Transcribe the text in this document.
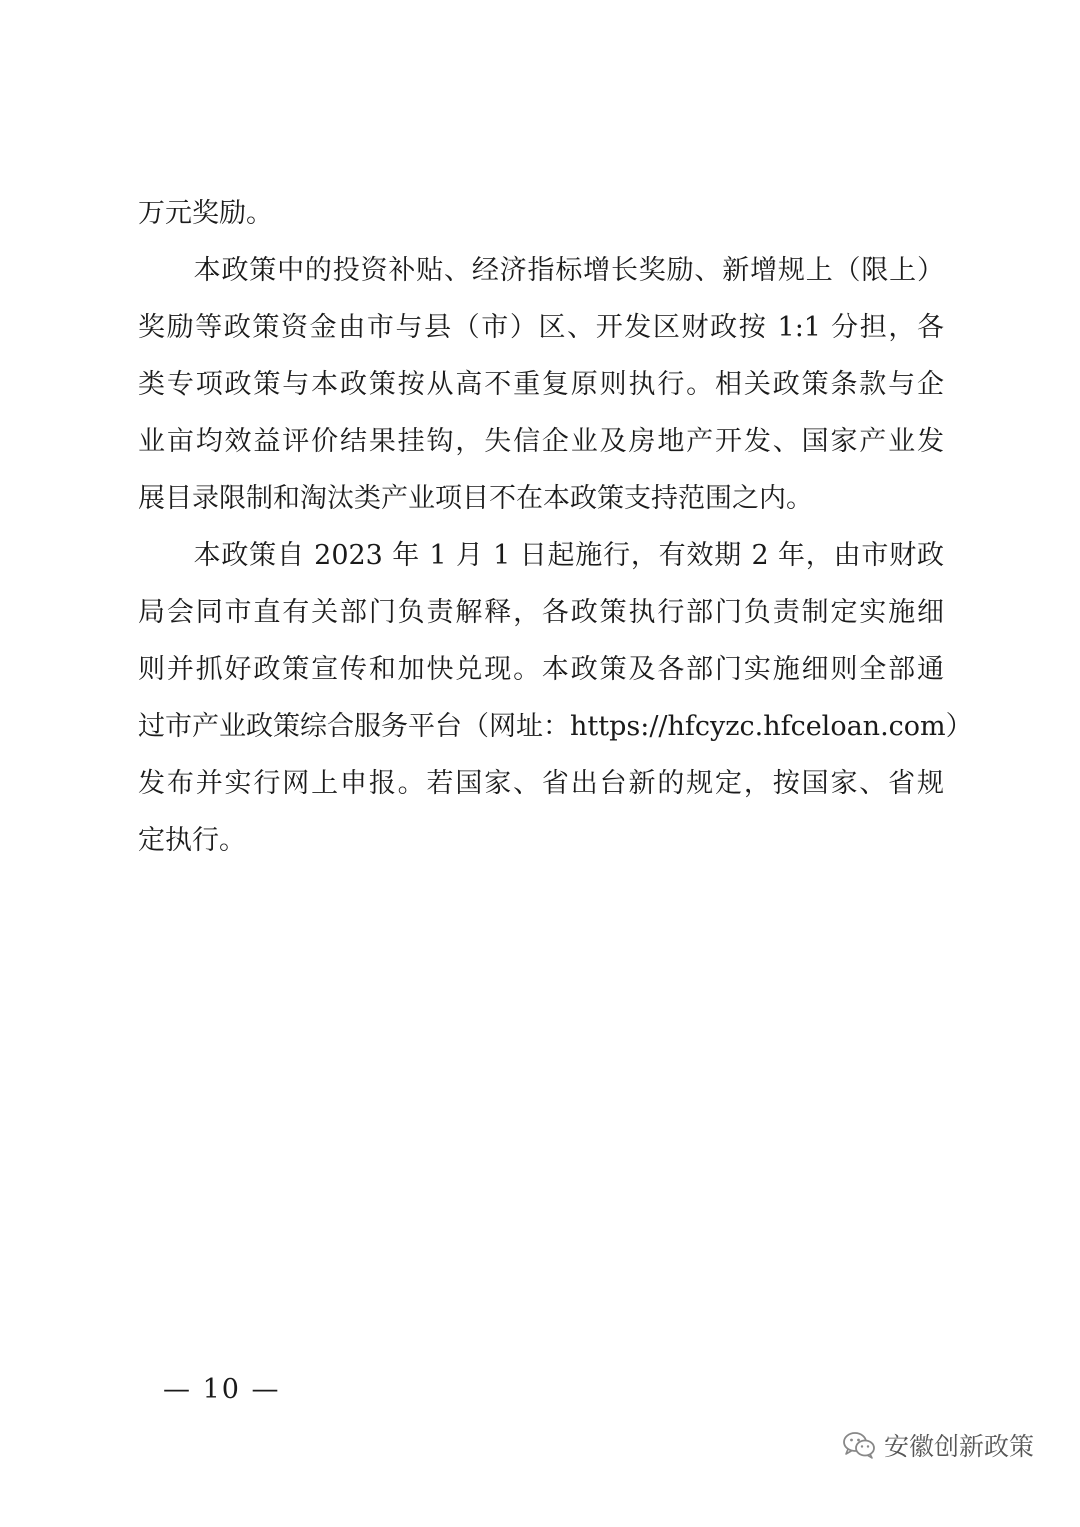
万元奖励。
　　本政策中的投资补贴、经济指标增长奖励、新增规上（限上）
奖励等政策资金由市与县（市）区、开发区财政按 1:1 分担，各
类专项政策与本政策按从高不重复原则执行。相关政策条款与企
业亩均效益评价结果挂钩，失信企业及房地产开发、国家产业发
展目录限制和淘汰类产业项目不在本政策支持范围之内。
　　本政策自 2023 年 1 月 1 日起施行，有效期 2 年，由市财政
局会同市直有关部门负责解释，各政策执行部门负责制定实施细
则并抓好政策宣传和加快兑现。本政策及各部门实施细则全部通
过市产业政策综合服务平台（网址：https://hfcyzc.hfceloan.com）
发布并实行网上申报。若国家、省出台新的规定，按国家、省规
定执行。
— 10 —
安徽创新政策
